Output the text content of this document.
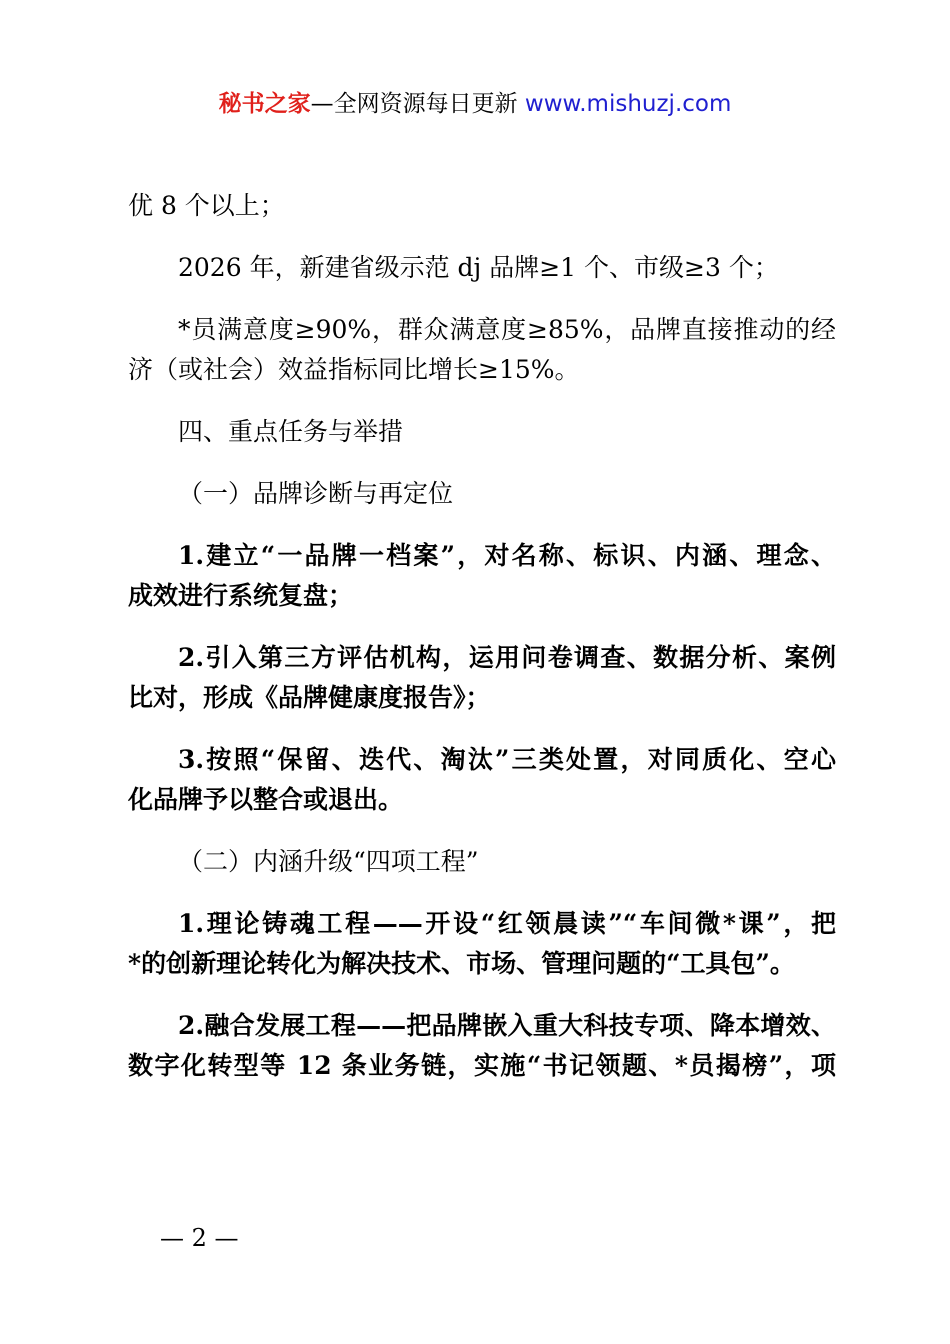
秘书之家—全网资源每日更新 www.mishuzj.com
优 8 个以上；
2026 年，新建省级示范 dj 品牌≥1 个、市级≥3 个；
*员满意度≥90%，群众满意度≥85%，品牌直接推动的经
济（或社会）效益指标同比增长≥15%。
四、重点任务与举措
（一）品牌诊断与再定位
1.建立“一品牌一档案”，对名称、标识、内涵、理念、
成效进行系统复盘；
2.引入第三方评估机构，运用问卷调查、数据分析、案例
比对，形成《品牌健康度报告》；
3.按照“保留、迭代、淘汰”三类处置，对同质化、空心
化品牌予以整合或退出。
（二）内涵升级“四项工程”
1.理论铸魂工程——开设“红领晨读”“车间微*课”，把
*的创新理论转化为解决技术、市场、管理问题的“工具包”。
2.融合发展工程——把品牌嵌入重大科技专项、降本增效、
数字化转型等 12 条业务链，实施“书记领题、*员揭榜”，项
— 2 —
